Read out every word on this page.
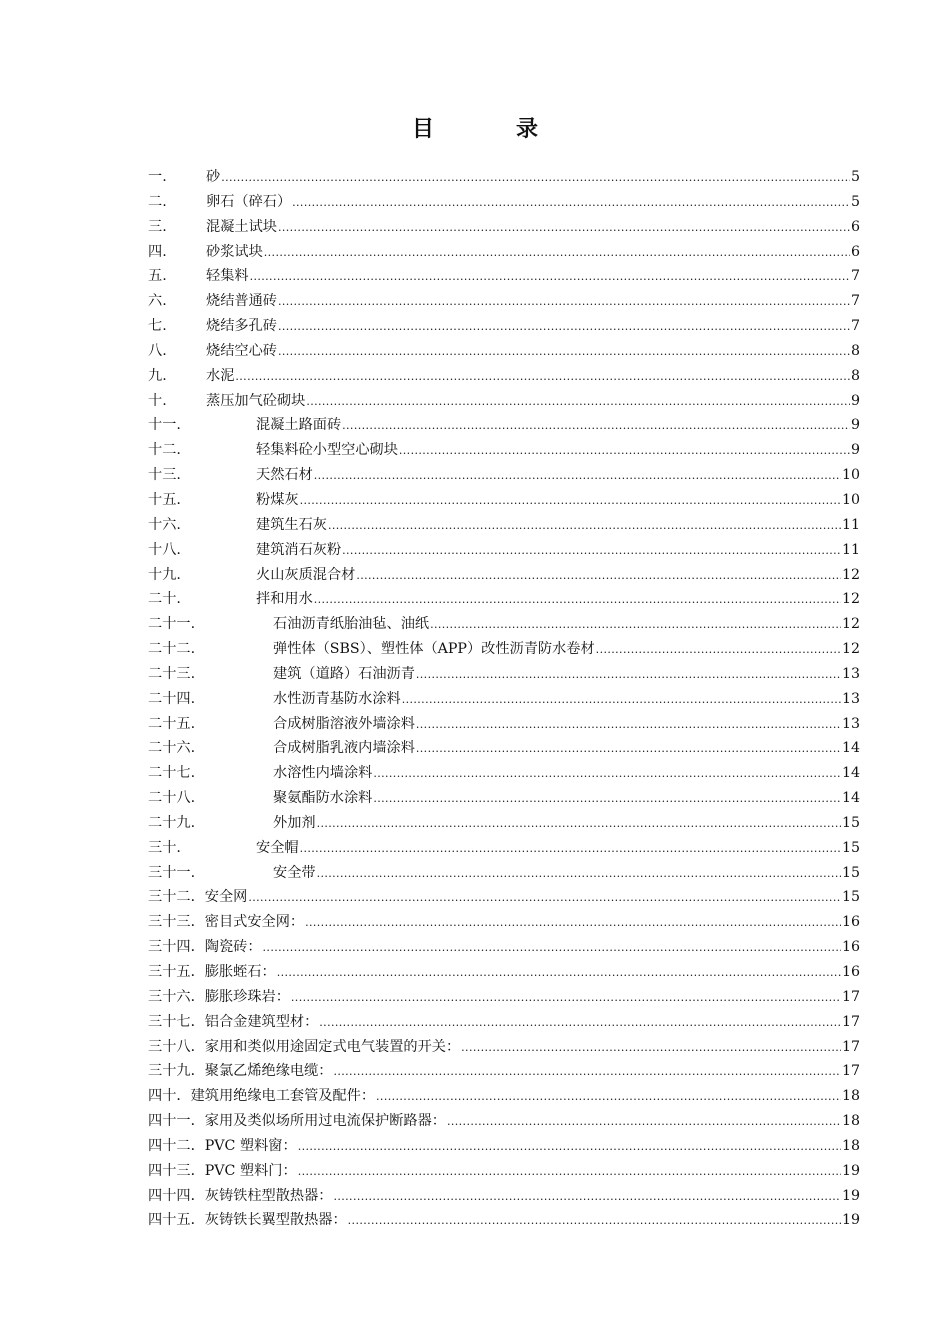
目　录
一.	砂 .....	5
二.	卵石（碎石） .....	5
三.	混凝土试块 .....	6
四.	砂浆试块 .....	6
五.	轻集料 .....	7
六.	烧结普通砖 .....	7
七.	烧结多孔砖 .....	7
八.	烧结空心砖 .....	8
九.	水泥 .....	8
十.	蒸压加气砼砌块 .....	9
十一.	混凝土路面砖 .....	9
十二.	轻集料砼小型空心砌块 .....	9
十三.	天然石材 .....	10
十五.	粉煤灰 .....	10
十六.	建筑生石灰 .....	11
十八.	建筑消石灰粉 .....	11
十九.	火山灰质混合材 .....	12
二十.	拌和用水 .....	12
二十一.	石油沥青纸胎油毡、油纸 .....	12
二十二.	弹性体（SBS）、塑性体（APP）改性沥青防水卷材 .....	12
二十三.	建筑（道路）石油沥青 .....	13
二十四.	水性沥青基防水涂料 .....	13
二十五.	合成树脂溶液外墙涂料 .....	13
二十六.	合成树脂乳液内墙涂料 .....	14
二十七.	水溶性内墙涂料 .....	14
二十八.	聚氨酯防水涂料 .....	14
二十九.	外加剂 .....	15
三十.	安全帽 .....	15
三十一.	安全带 .....	15
三十二． 安全网 .....	15
三十三． 密目式安全网： .....	16
三十四． 陶瓷砖： .....	16
三十五． 膨胀蛭石： .....	16
三十六． 膨胀珍珠岩： .....	17
三十七． 铝合金建筑型材： .....	17
三十八． 家用和类似用途固定式电气装置的开关： .....	17
三十九． 聚氯乙烯绝缘电缆： .....	17
四十． 建筑用绝缘电工套管及配件： .....	18
四十一． 家用及类似场所用过电流保护断路器： .....	18
四十二． PVC 塑料窗： .....	18
四十三． PVC 塑料门： .....	19
四十四． 灰铸铁柱型散热器： .....	19
四十五． 灰铸铁长翼型散热器： .....	19
